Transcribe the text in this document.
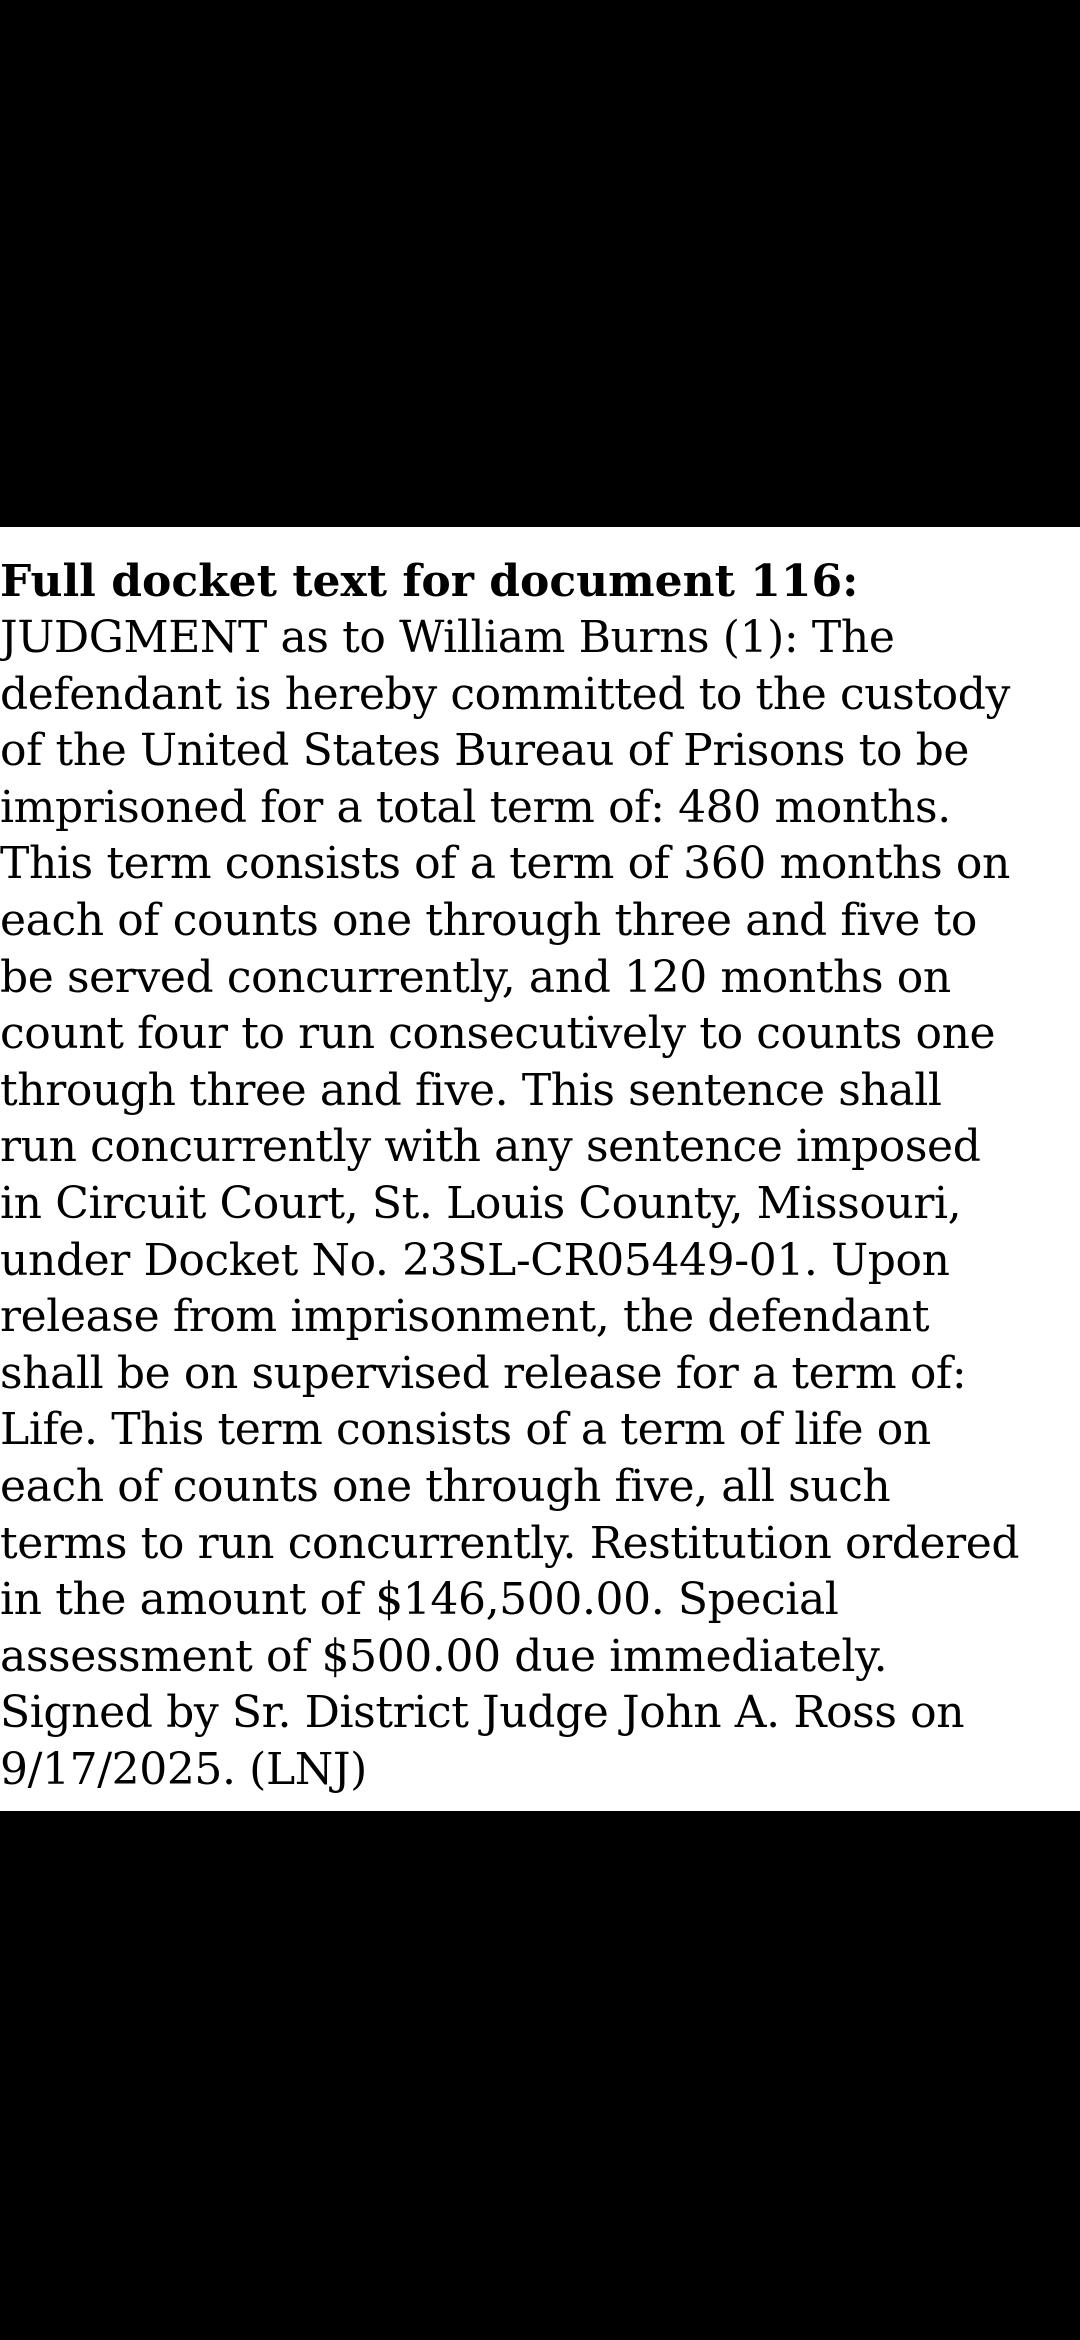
Full docket text for document 116:

JUDGMENT as to William Burns (1): The
defendant is hereby committed to the custody
of the United States Bureau of Prisons to be
imprisoned for a total term of: 480 months.
This term consists of a term of 360 months on
each of counts one through three and five to
be served concurrently, and 120 months on
count four to run consecutively to counts one
through three and five. This sentence shall
run concurrently with any sentence imposed
in Circuit Court, St. Louis County, Missouri,
under Docket No. 23SL-CR05449-01. Upon
release from imprisonment, the defendant
shall be on supervised release for a term of:
Life. This term consists of a term of life on
each of counts one through five, all such
terms to run concurrently. Restitution ordered
in the amount of $146,500.00. Special
assessment of $500.00 due immediately.
Signed by Sr. District Judge John A. Ross on
9/17/2025. (LNJ)
